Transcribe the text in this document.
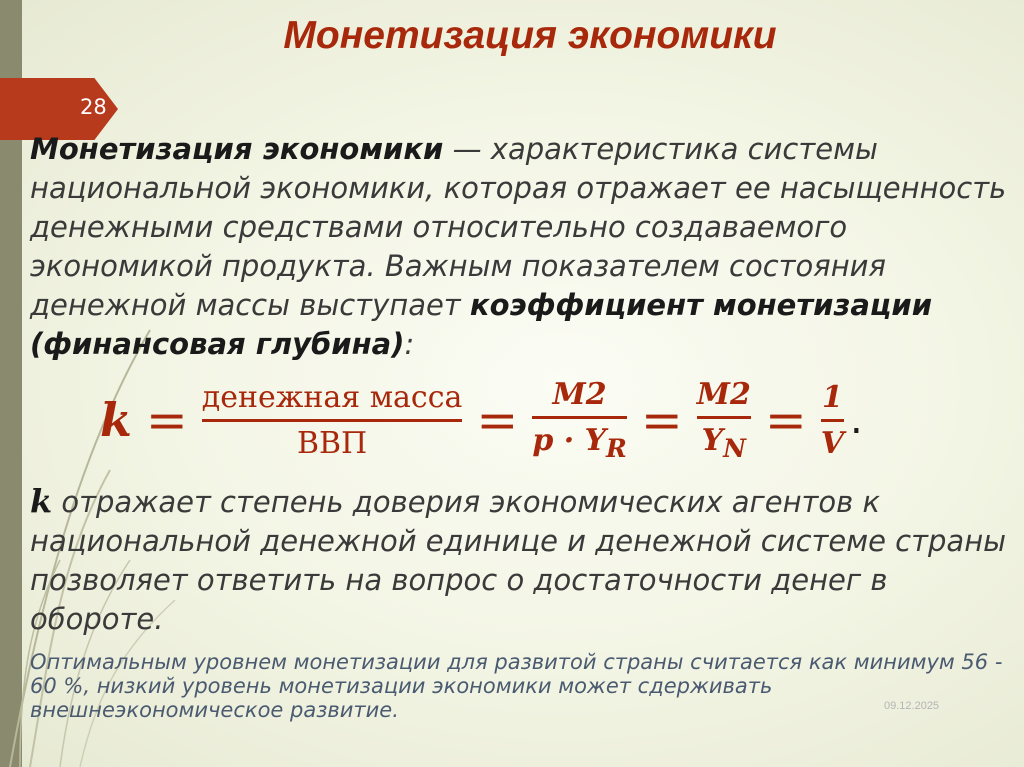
28
Монетизация экономики
Монетизация экономики — характеристика системы национальной экономики, которая отражает ее насыщенность денежными средствами относительно создаваемого экономикой продукта. Важным показателем состояния денежной массы выступает коэффициент монетизации (финансовая глубина):
$k = \frac{\text{денежная масса}}{\text{ВВП}} = \frac{M2}{p \cdot Y_R} = \frac{M2}{Y_N} = \frac{1}{V}$ .
k отражает степень доверия экономических агентов к национальной денежной единице и денежной системе страны позволяет ответить на вопрос о достаточности денег в обороте.
Оптимальным уровнем монетизации для развитой страны считается как минимум 56 - 60 %, низкий уровень монетизации экономики может сдерживать внешнеэкономическое развитие.	09.12.2025
